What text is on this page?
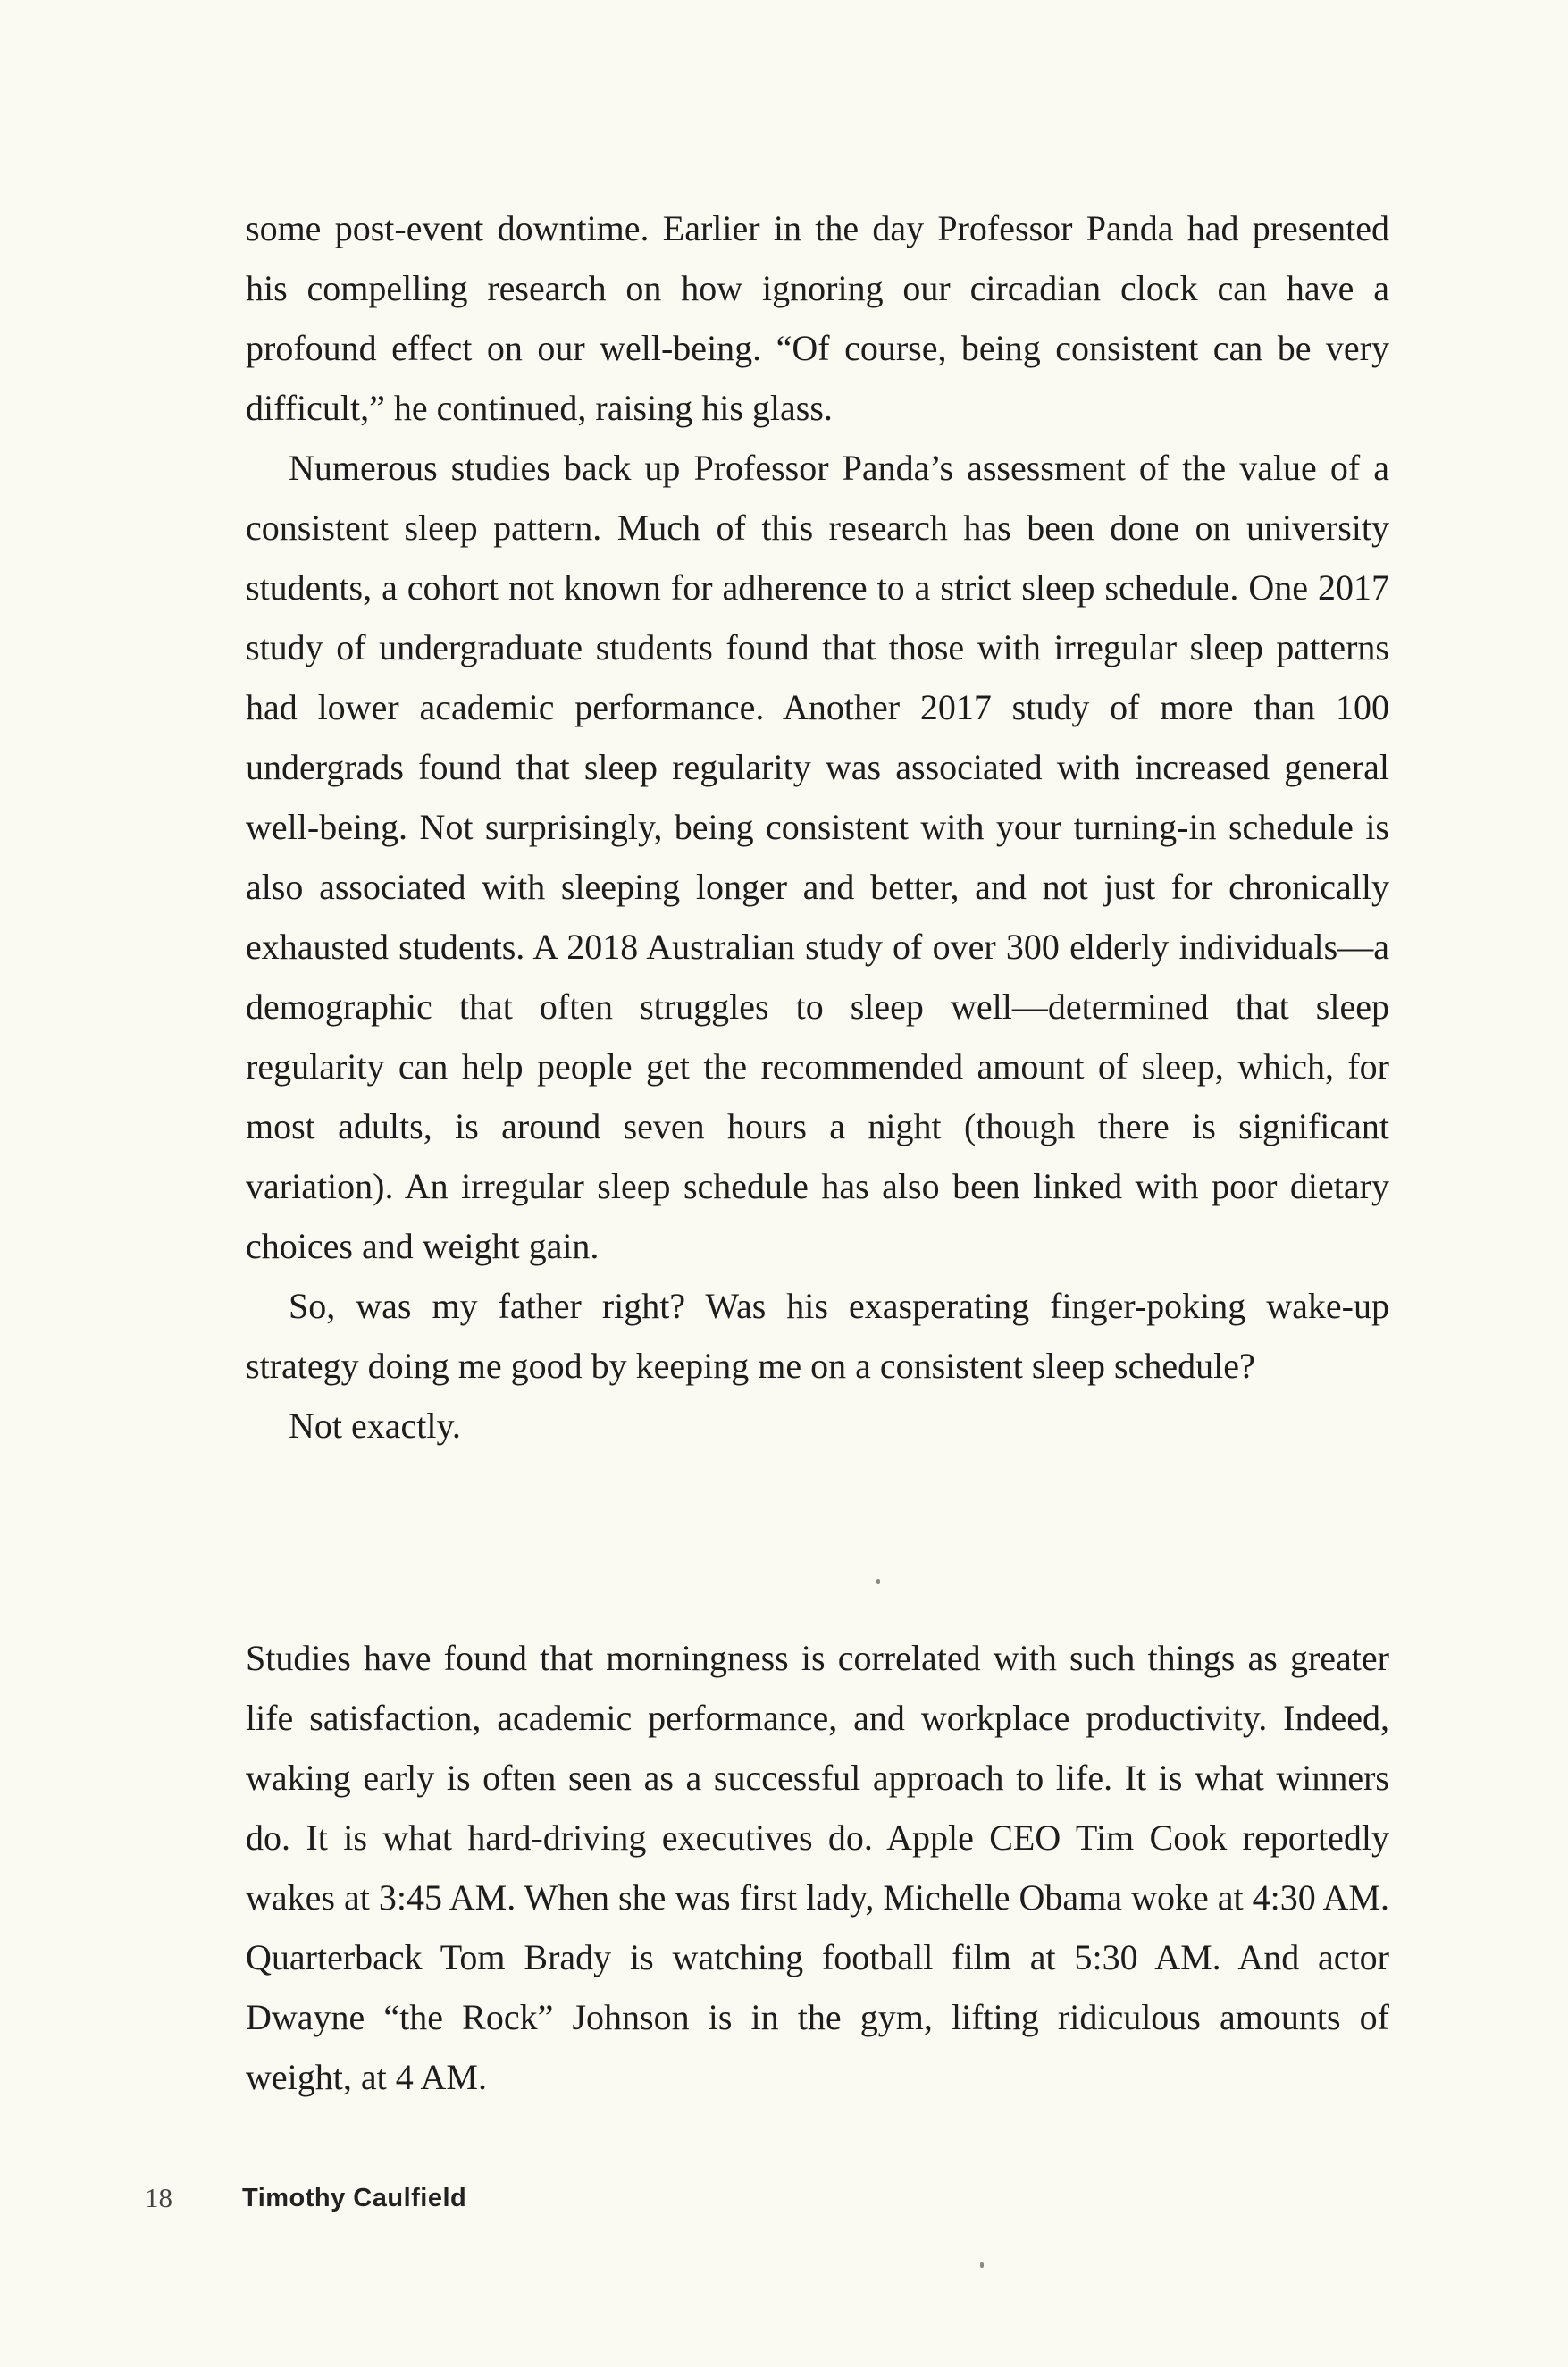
some post-event downtime. Earlier in the day Professor Panda had presented his compelling research on how ignoring our circadian clock can have a profound effect on our well-being. “Of course, being consistent can be very difficult,” he continued, raising his glass.

Numerous studies back up Professor Panda’s assessment of the value of a consistent sleep pattern. Much of this research has been done on university students, a cohort not known for adherence to a strict sleep schedule. One 2017 study of undergraduate students found that those with irregular sleep patterns had lower academic performance. Another 2017 study of more than 100 undergrads found that sleep regularity was associated with increased general well-being. Not surprisingly, being consistent with your turning-in schedule is also associated with sleeping longer and better, and not just for chronically exhausted students. A 2018 Australian study of over 300 elderly individuals—a demographic that often struggles to sleep well—determined that sleep regularity can help people get the recommended amount of sleep, which, for most adults, is around seven hours a night (though there is significant variation). An irregular sleep schedule has also been linked with poor dietary choices and weight gain.

So, was my father right? Was his exasperating finger-poking wake-up strategy doing me good by keeping me on a consistent sleep schedule?

Not exactly.

Studies have found that morningness is correlated with such things as greater life satisfaction, academic performance, and workplace productivity. Indeed, waking early is often seen as a successful approach to life. It is what winners do. It is what hard-driving executives do. Apple CEO Tim Cook reportedly wakes at 3:45 AM. When she was first lady, Michelle Obama woke at 4:30 AM. Quarterback Tom Brady is watching football film at 5:30 AM. And actor Dwayne “the Rock” Johnson is in the gym, lifting ridiculous amounts of weight, at 4 AM.

18	Timothy Caulfield
